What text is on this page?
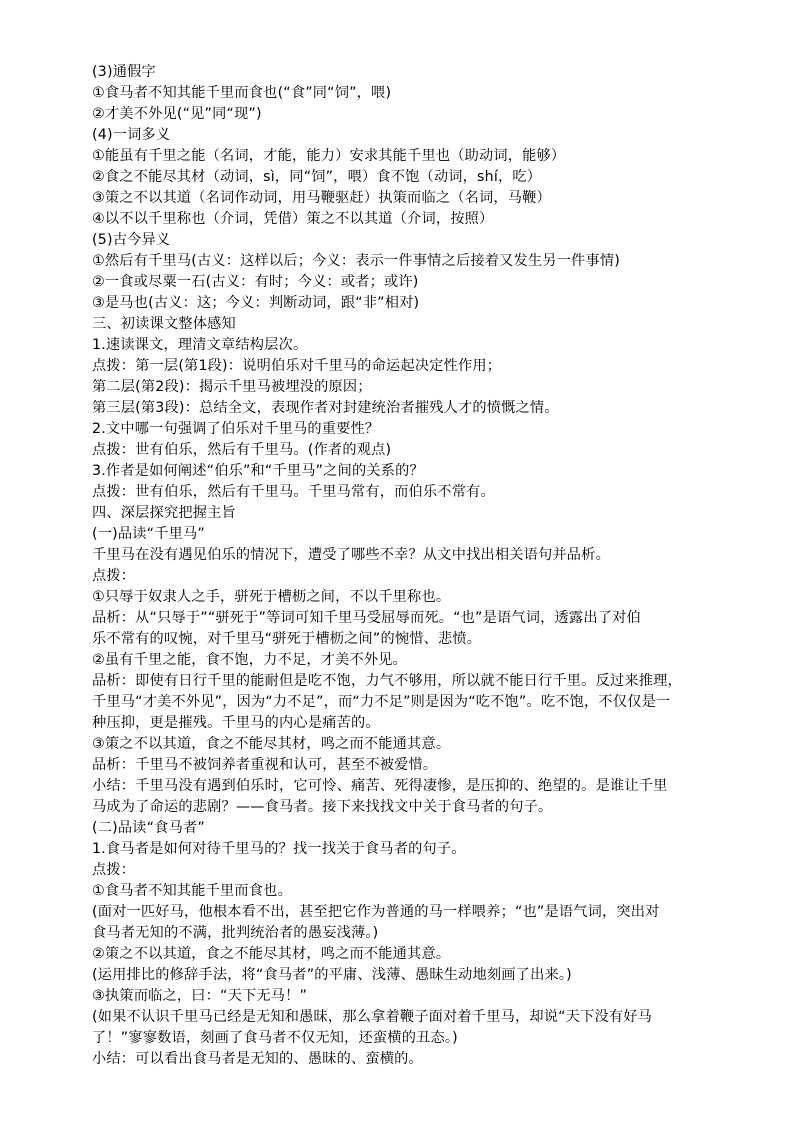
(3)通假字
①食马者不知其能千里而食也(“食”同“饲”，喂)
②才美不外见(“见”同“现”)
(4)一词多义
①能虽有千里之能（名词，才能，能力）安求其能千里也（助动词，能够）
②食之不能尽其材（动词，sì，同“饲”，喂）食不饱（动词，shí，吃）
③策之不以其道（名词作动词，用马鞭驱赶）执策而临之（名词，马鞭）
④以不以千里称也（介词，凭借）策之不以其道（介词，按照）
(5)古今异义
①然后有千里马(古义：这样以后；今义：表示一件事情之后接着又发生另一件事情)
②一食或尽粟一石(古义：有时；今义：或者；或许)
③是马也(古义：这；今义：判断动词，跟“非”相对)
三、初读课文整体感知
1.速读课文，理清文章结构层次。
点拨：第一层(第1段)：说明伯乐对千里马的命运起决定性作用；
第二层(第2段)：揭示千里马被埋没的原因；
第三层(第3段)：总结全文，表现作者对封建统治者摧残人才的愤慨之情。
2.文中哪一句强调了伯乐对千里马的重要性？
点拨：世有伯乐，然后有千里马。(作者的观点)
3.作者是如何阐述“伯乐”和“千里马”之间的关系的？
点拨：世有伯乐，然后有千里马。千里马常有，而伯乐不常有。
四、深层探究把握主旨
(一)品读“千里马”
千里马在没有遇见伯乐的情况下，遭受了哪些不幸？从文中找出相关语句并品析。
点拨：
①只辱于奴隶人之手，骈死于槽枥之间，不以千里称也。
品析：从“只辱于”“骈死于”等词可知千里马受屈辱而死。“也”是语气词，透露出了对伯
乐不常有的叹惋，对千里马“骈死于槽枥之间”的惋惜、悲愤。
②虽有千里之能，食不饱，力不足，才美不外见。
品析：即使有日行千里的能耐但是吃不饱，力气不够用，所以就不能日行千里。反过来推理，
千里马“才美不外见”，因为“力不足”，而“力不足”则是因为“吃不饱”。吃不饱，不仅仅是一
种压抑，更是摧残。千里马的内心是痛苦的。
③策之不以其道，食之不能尽其材，鸣之而不能通其意。
品析：千里马不被饲养者重视和认可，甚至不被爱惜。
小结：千里马没有遇到伯乐时，它可怜、痛苦、死得凄惨，是压抑的、绝望的。是谁让千里
马成为了命运的悲剧？——食马者。接下来找找文中关于食马者的句子。
(二)品读“食马者”
1.食马者是如何对待千里马的？找一找关于食马者的句子。
点拨：
①食马者不知其能千里而食也。
(面对一匹好马，他根本看不出，甚至把它作为普通的马一样喂养；“也”是语气词，突出对
食马者无知的不满，批判统治者的愚妄浅薄。)
②策之不以其道，食之不能尽其材，鸣之而不能通其意。
(运用排比的修辞手法，将“食马者”的平庸、浅薄、愚昧生动地刻画了出来。)
③执策而临之，曰：“天下无马！”
(如果不认识千里马已经是无知和愚昧，那么拿着鞭子面对着千里马，却说“天下没有好马
了！”寥寥数语，刻画了食马者不仅无知，还蛮横的丑态。)
小结：可以看出食马者是无知的、愚昧的、蛮横的。
